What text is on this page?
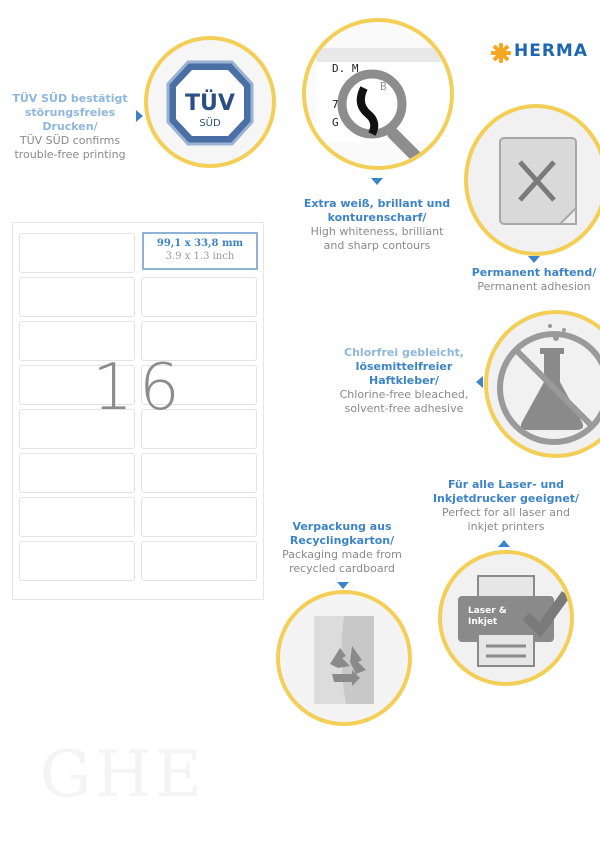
TÜV SÜD bestätigt störungsfreies Drucken/
TÜV SÜD confirms
trouble-free printing
TÜV
SÜD
D. M
7
G
Extra weiß, brillant und
konturenscharf/
High whiteness, brilliant
and sharp contours
HERMA
Permanent haftend/
Permanent adhesion
16
99,1 x 33,8 mm
3.9 x 1.3 inch
Chlorfrei gebleicht,
lösemittelfreier
Haftkleber/
Chlorine-free bleached,
solvent-free adhesive
Für alle Laser- und
Inkjetdrucker geeignet/
Perfect for all laser and
inkjet printers
Laser &
Inkjet
Verpackung aus
Recyclingkarton/
Packaging made from
recycled cardboard
GHE
